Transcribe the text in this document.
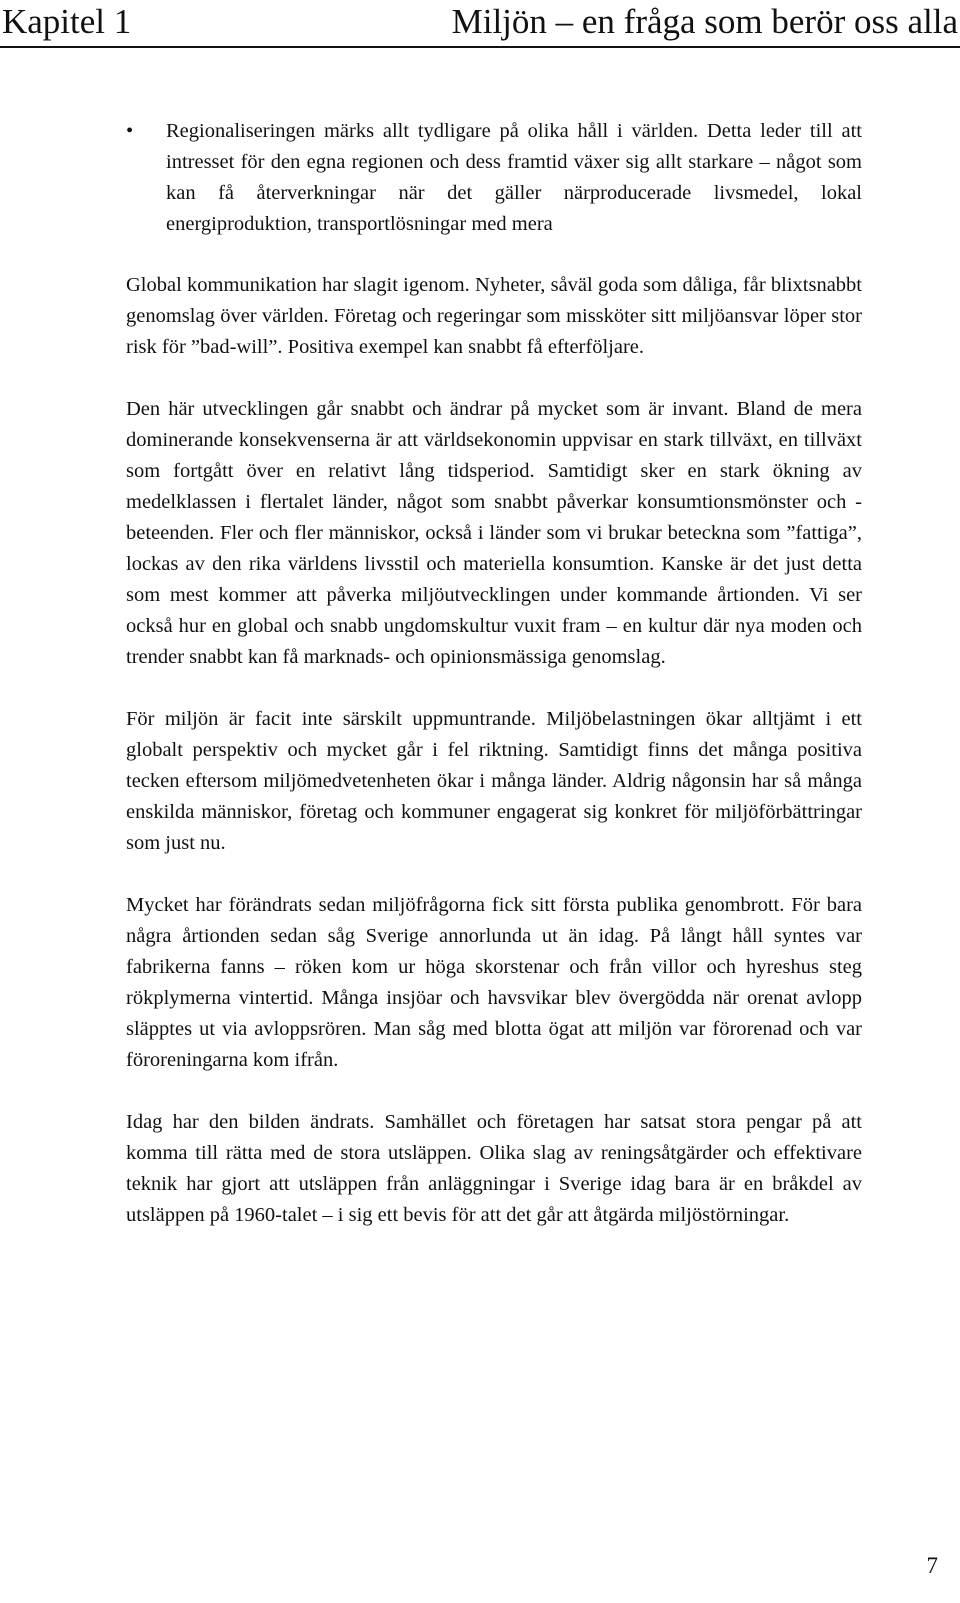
Kapitel 1	Miljön – en fråga som berör oss alla
•	Regionaliseringen märks allt tydligare på olika håll i världen. Detta leder till att intresset för den egna regionen och dess framtid växer sig allt starkare – något som kan få återverkningar när det gäller närproducerade livsmedel, lokal energiproduktion, transportlösningar med mera

Global kommunikation har slagit igenom. Nyheter, såväl goda som dåliga, får blixtsnabbt genomslag över världen. Företag och regeringar som missköter sitt miljöansvar löper stor risk för ”bad-will”. Positiva exempel kan snabbt få efterföljare.

Den här utvecklingen går snabbt och ändrar på mycket som är invant. Bland de mera dominerande konsekvenserna är att världsekonomin uppvisar en stark tillväxt, en tillväxt som fortgått över en relativt lång tidsperiod. Samtidigt sker en stark ökning av medelklassen i flertalet länder, något som snabbt påverkar konsumtionsmönster och -beteenden. Fler och fler människor, också i länder som vi brukar beteckna som ”fattiga”, lockas av den rika världens livsstil och materiella konsumtion. Kanske är det just detta som mest kommer att påverka miljöutvecklingen under kommande årtionden. Vi ser också hur en global och snabb ungdomskultur vuxit fram – en kultur där nya moden och trender snabbt kan få marknads- och opinionsmässiga genomslag.

För miljön är facit inte särskilt uppmuntrande. Miljöbelastningen ökar alltjämt i ett globalt perspektiv och mycket går i fel riktning. Samtidigt finns det många positiva tecken eftersom miljömedvetenheten ökar i många länder. Aldrig någonsin har så många enskilda människor, företag och kommuner engagerat sig konkret för miljöförbättringar som just nu.

Mycket har förändrats sedan miljöfrågorna fick sitt första publika genombrott. För bara några årtionden sedan såg Sverige annorlunda ut än idag. På långt håll syntes var fabrikerna fanns – röken kom ur höga skorstenar och från villor och hyreshus steg rökplymerna vintertid. Många insjöar och havsvikar blev övergödda när orenat avlopp släpptes ut via avloppsrören. Man såg med blotta ögat att miljön var förorenad och var föroreningarna kom ifrån.

Idag har den bilden ändrats. Samhället och företagen har satsat stora pengar på att komma till rätta med de stora utsläppen. Olika slag av reningsåtgärder och effektivare teknik har gjort att utsläppen från anläggningar i Sverige idag bara är en bråkdel av utsläppen på 1960-talet – i sig ett bevis för att det går att åtgärda miljöstörningar.

7
